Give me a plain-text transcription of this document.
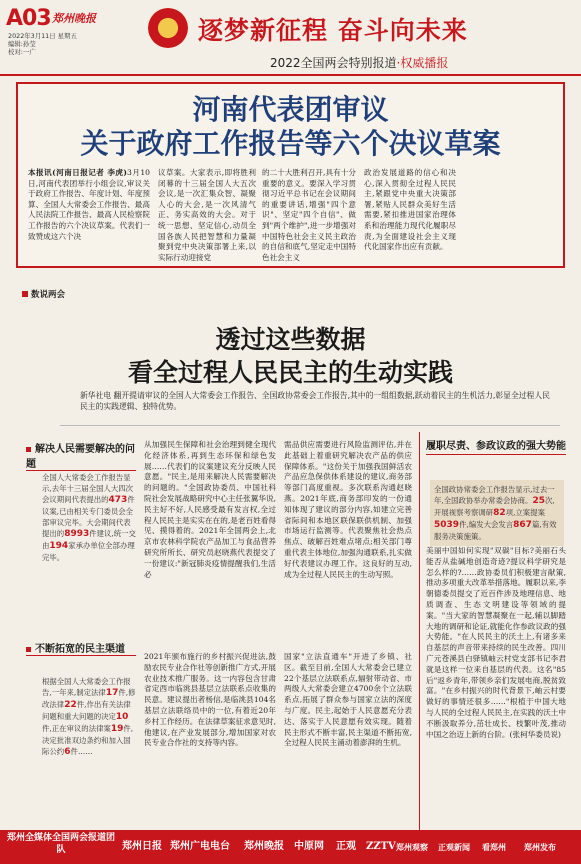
A03 郑州晚报
2022年3月11日 星期五
编辑:孙莹
校对:一广
逐梦新征程 奋斗向未来
2022全国两会特别报道·权威播报
河南代表团审议
关于政府工作报告等六个决议草案
本报讯(河南日报记者 李虎)3月10日,河南代表团举行小组会议,审议关于政府工作报告、年度计划、年度预算、全国人大常委会工作报告、最高人民法院工作报告、最高人民检察院工作报告的六个决议草案。代表们一致赞成这六个决
议草案。大家表示,即将胜利闭幕的十三届全国人大五次会议,是一次汇集众智、凝聚人心的大会,是一次风清气正、务实高效的大会。对于统一思想、坚定信心,动员全国各族人民把智慧和力量凝聚到党中央决策部署上来,以实际行动迎接党
的二十大胜利召开,具有十分重要的意义。要深入学习贯彻习近平总书记在会议期间的重要讲话,增强"四个意识"、坚定"四个自信"、做到"两个维护",进一步增强对中国特色社会主义民主政治的自信和底气,坚定走中国特色社会主义
政治发展道路的信心和决心,深入贯彻全过程人民民主,紧跟党中央重大决策部署,紧贴人民群众美好生活需要,紧扣推进国家治理体系和治理能力现代化履职尽责,为全面建设社会主义现代化国家作出应有贡献。
数说两会
透过这些数据
看全过程人民民主的生动实践
新华社电 翻开提请审议的全国人大常委会工作报告、全国政协常委会工作报告,其中的一组组数据,跃动着民主的生机活力,彰显全过程人民民主的实践逻辑、独特优势。
解决人民需要解决的问题
全国人大常委会工作报告显示,去年十三届全国人大四次会议期间代表提出的473件议案,已由相关专门委员会全部审议完毕。大会期间代表提出的8993件建议,统一交由194家承办单位全部办理完毕。
从加强民生保障和社会治理到健全现代化经济体系,再到生态环保和绿色发展……代表们的议案建议充分反映人民意愿。"民主,是用来解决人民需要解决的问题的。"全国政协委员、中国社科院社会发展战略研究中心主任张翼华说,民主好不好,人民感受最有发言权,全过程人民民主是实实在在的,是老百姓看得见、摸得着的。2021年全国两会上,北京市农林科学院农产品加工与食品营养研究所所长、研究员赵晓燕代表提交了一份建议:"新冠肺炎疫情提醒我们,生活必
需品供应需要进行风险监测评估,并在此基础上着重研究解决农产品的供应保障体系。"这份关于加强我国鲜活农产品应急保供体系建设的建议,商务部等部门高度重视。多次联系沟通赵晓燕。2021年底,商务部印发的一份通知体现了建议的部分内容,如建立完善省际间和本地区联保联供机制、加强市场运行监测等。代表聚焦社会热点焦点、破解百姓难点堵点;相关部门尊重代表主体地位,加强沟通联系,扎实做好代表建议办理工作。这良好的互动,成为全过程人民民主的生动写照。
不断拓宽的民主渠道
根据全国人大常委会工作报告,一年来,制定法律17件,修改法律22件,作出有关法律问题和重大问题的决定10件,正在审议的法律案19件,决定批准双边条约和加入国际公约6件……
2021年颁布施行的乡村振兴促进法,鼓励农民专业合作社等创新推广方式,开展农业技术推广服务。这一内容包含甘肃省定西市临洮县基层立法联系点收集的民意。建议提出者杨信,是临洮县104名基层立法联络员中的一位,有着近20年乡村工作经历。在法律草案征求意见时,他建议,在产业发展部分,增加国家对农民专业合作社的支持等内容。
国家"立法直通车"开进了乡镇、社区。截至目前,全国人大常委会已建立22个基层立法联系点,辐射带动省、市两级人大常委会建立4700余个立法联系点,拓展了群众参与国家立法的深度与广度。民主,起始于人民意愿充分表达、落实于人民意愿有效实现。随着民主形式不断丰富,民主渠道不断拓宽,全过程人民民主涌动着澎湃的生机。
履职尽责、参政议政的强大势能
全国政协常委会工作报告显示,过去一年,全国政协举办常委会协商。25次,开展视察考察调研82项,立案提案5039件,编发大会发言867篇,有效服务决策施策。
美丽中国如何实现"双碳"目标?美丽石头能否从盐碱地创造奇迹?提议科学研究是怎么样的?……政协委员们积极建言献策,推动多项重大改革举措落地。履职以来,李朝德委员提交了近百件涉及地理信息、地质调查、生态文明建设等领域的提案。"当大家的智慧凝聚在一起,辅以脚踏大地的调研和论证,就能化作参政议政的强大势能。"在人民民主的沃土上,有诸多来自基层的声音带来持续的民生改善。四川广元苍溪县白驿镇岫云村党支部书记李君就是这样一位来自基层的代表。这名"85后"返乡青年,带领乡亲们发展电商,脱贫致富。"在乡村振兴的时代背景下,岫云村要做好的事情还很多……"根植于中国大地与人民的全过程人民民主,在实践的沃土中不断汲取养分,茁壮成长、枝繁叶茂,推动中国之治迈上新的台阶。(张柯华委员说)
郑州全媒体全国两会报道团队	郑州日报 郑州广电电台 郑州晚报 中原网 正观 ZZTV 郑州观察 正观新闻 看郑州 郑州发布
